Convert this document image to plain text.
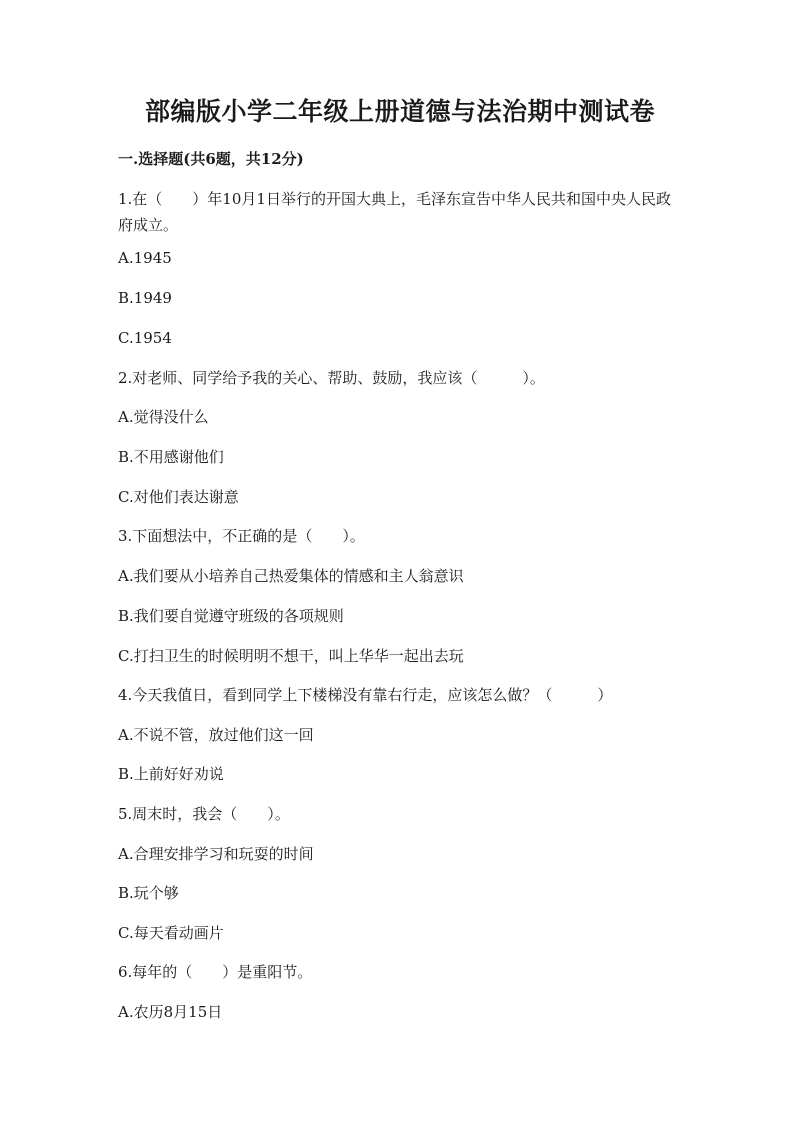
部编版小学二年级上册道德与法治期中测试卷
一.选择题(共6题，共12分)

1.在（　　）年10月1日举行的开国大典上，毛泽东宣告中华人民共和国中央人民政府成立。

A.1945

B.1949

C.1954

2.对老师、同学给予我的关心、帮助、鼓励，我应该（　　　）。

A.觉得没什么

B.不用感谢他们

C.对他们表达谢意

3.下面想法中，不正确的是（　　）。

A.我们要从小培养自己热爱集体的情感和主人翁意识

B.我们要自觉遵守班级的各项规则

C.打扫卫生的时候明明不想干，叫上华华一起出去玩

4.今天我值日，看到同学上下楼梯没有靠右行走，应该怎么做？（　　　）

A.不说不管，放过他们这一回

B.上前好好劝说

5.周末时，我会（　　）。

A.合理安排学习和玩耍的时间

B.玩个够

C.每天看动画片

6.每年的（　　）是重阳节。

A.农历8月15日
